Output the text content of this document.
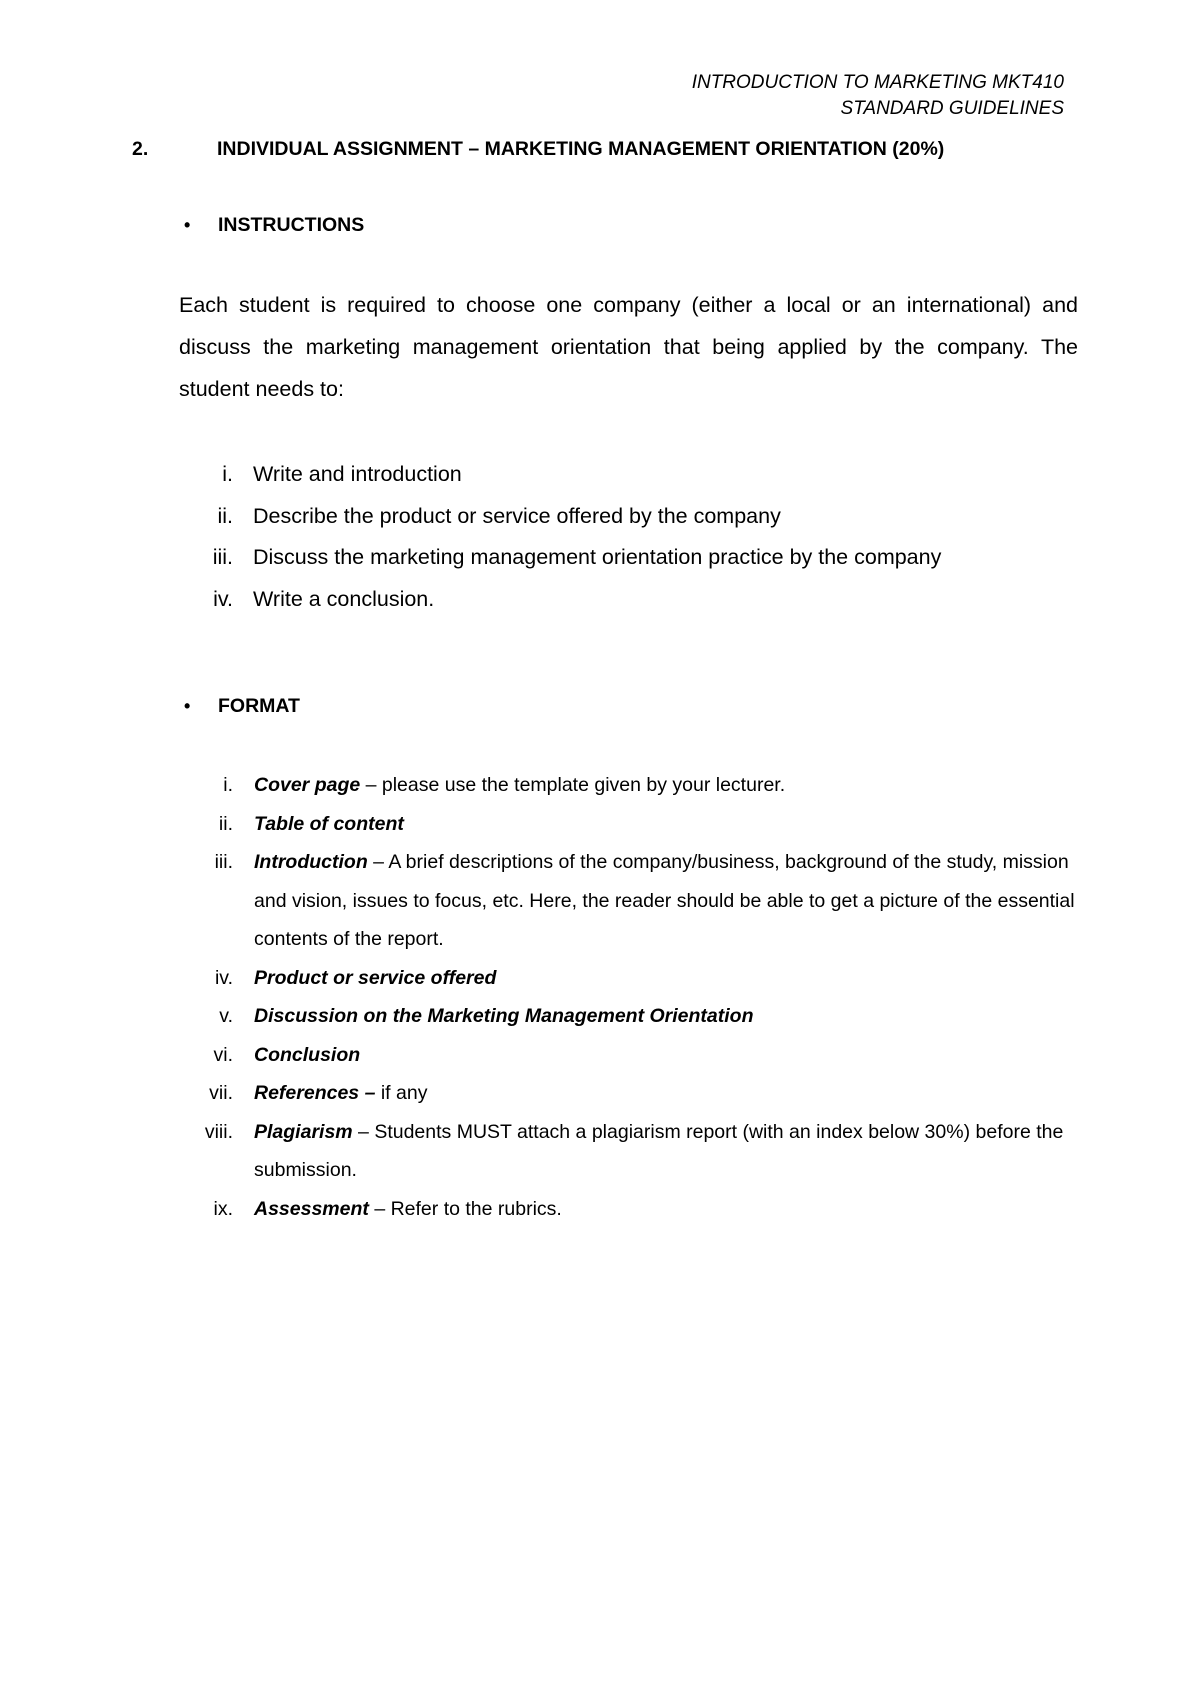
INTRODUCTION TO MARKETING MKT410
STANDARD GUIDELINES
2.	INDIVIDUAL ASSIGNMENT – MARKETING MANAGEMENT ORIENTATION (20%)
• INSTRUCTIONS
Each student is required to choose one company (either a local or an international) and discuss the marketing management orientation that being applied by the company. The student needs to:
i. Write and introduction
ii. Describe the product or service offered by the company
iii. Discuss the marketing management orientation practice by the company
iv. Write a conclusion.
• FORMAT
i. Cover page – please use the template given by your lecturer.
ii. Table of content
iii. Introduction – A brief descriptions of the company/business, background of the study, mission and vision, issues to focus, etc. Here, the reader should be able to get a picture of the essential contents of the report.
iv. Product or service offered
v. Discussion on the Marketing Management Orientation
vi. Conclusion
vii. References – if any
viii. Plagiarism – Students MUST attach a plagiarism report (with an index below 30%) before the submission.
ix. Assessment – Refer to the rubrics.
